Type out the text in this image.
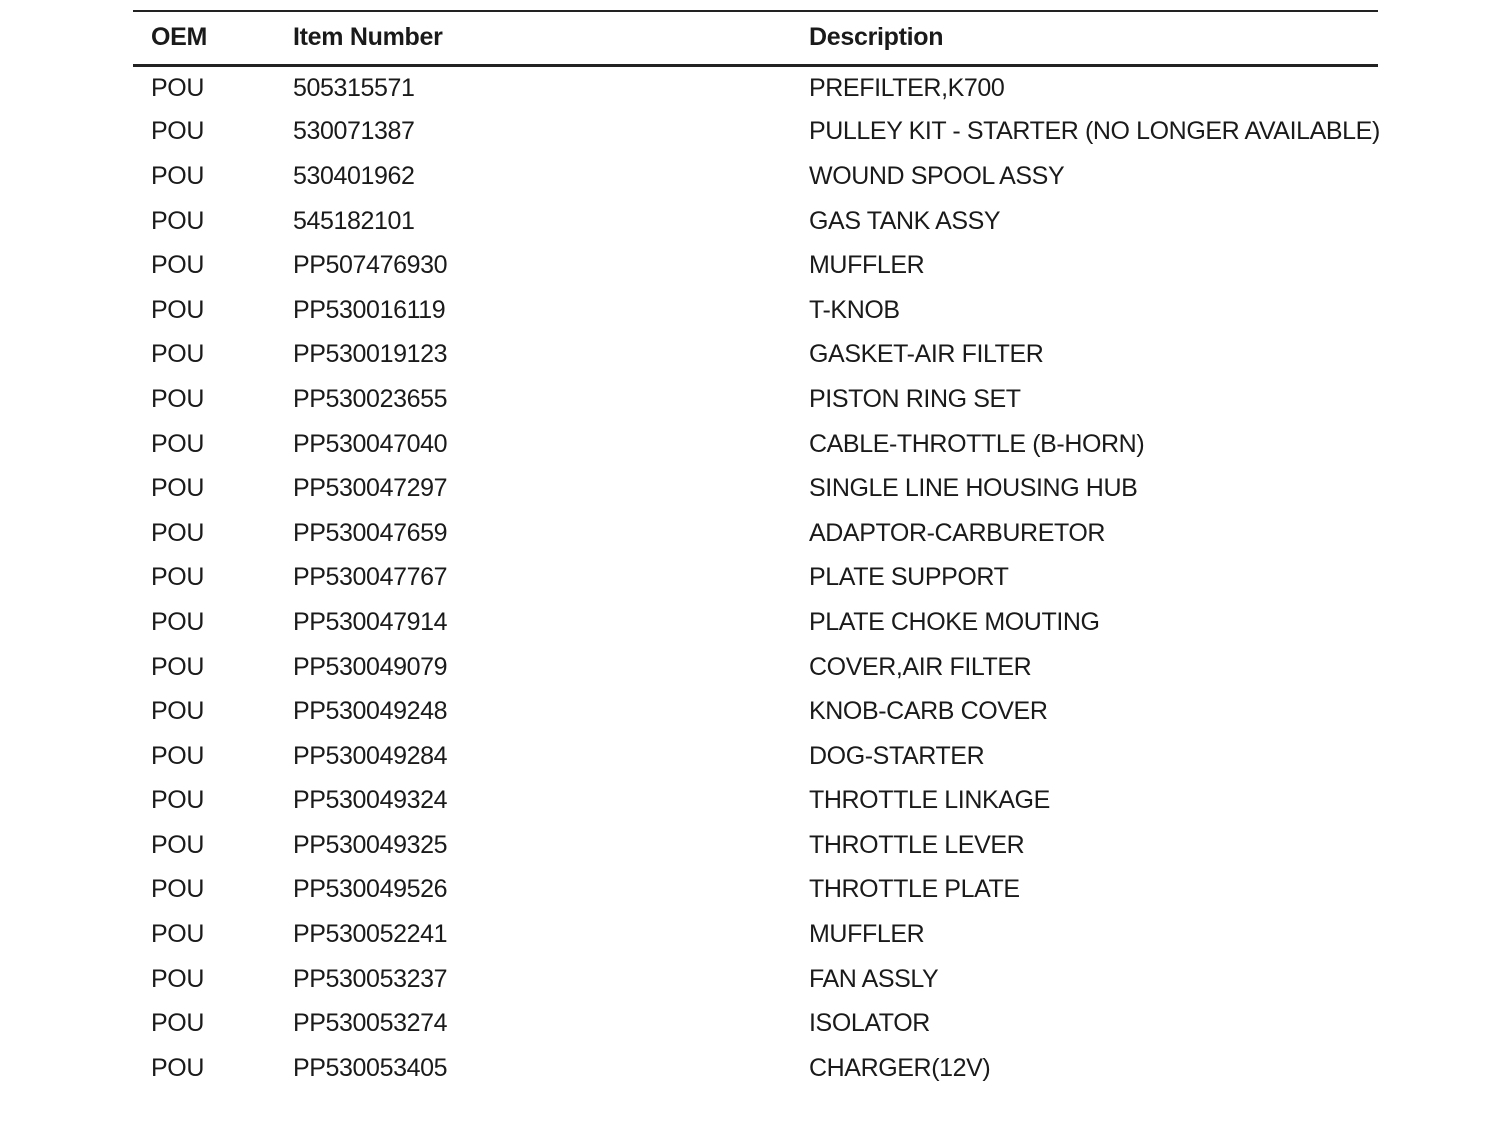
OEM	Item Number	Description
POU	505315571	PREFILTER,K700
POU	530071387	PULLEY KIT - STARTER (NO LONGER AVAILABLE)
POU	530401962	WOUND SPOOL ASSY
POU	545182101	GAS TANK ASSY
POU	PP507476930	MUFFLER
POU	PP530016119	T-KNOB
POU	PP530019123	GASKET-AIR FILTER
POU	PP530023655	PISTON RING SET
POU	PP530047040	CABLE-THROTTLE (B-HORN)
POU	PP530047297	SINGLE LINE HOUSING HUB
POU	PP530047659	ADAPTOR-CARBURETOR
POU	PP530047767	PLATE SUPPORT
POU	PP530047914	PLATE CHOKE MOUTING
POU	PP530049079	COVER,AIR FILTER
POU	PP530049248	KNOB-CARB COVER
POU	PP530049284	DOG-STARTER
POU	PP530049324	THROTTLE LINKAGE
POU	PP530049325	THROTTLE LEVER
POU	PP530049526	THROTTLE PLATE
POU	PP530052241	MUFFLER
POU	PP530053237	FAN ASSLY
POU	PP530053274	ISOLATOR
POU	PP530053405	CHARGER(12V)
